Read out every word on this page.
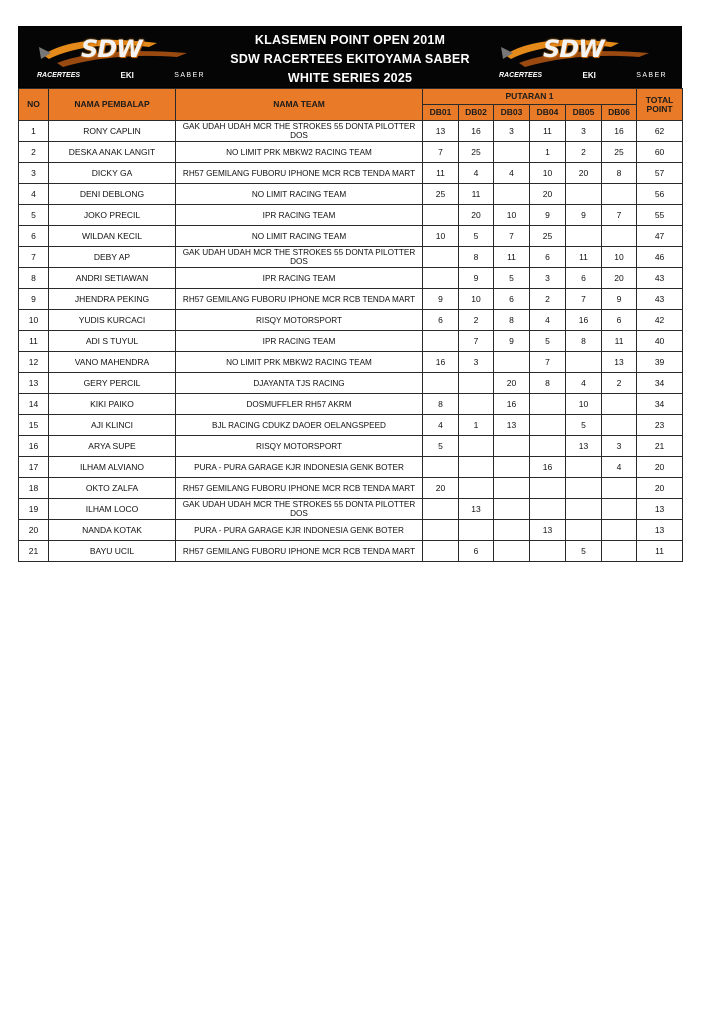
SDW
RACERTEES	EKI	SABER
KLASEMEN POINT OPEN 201M
SDW RACERTEES EKITOYAMA SABER
WHITE SERIES 2025
SDW
RACERTEES	EKI	SABER
NO	NAMA PEMBALAP	NAMA TEAM	PUTARAN 1						TOTAL
POINT

			DB01	DB02	DB03	DB04	DB05	DB06	
1	RONY CAPLIN	GAK UDAH UDAH MCR THE STROKES 55 DONTA PILOTTER DOS	13	16	3	11	3	16	62
2	DESKA ANAK LANGIT	NO LIMIT PRK MBKW2 RACING TEAM	7	25		1	2	25	60
3	DICKY GA	RH57 GEMILANG FUBORU IPHONE MCR RCB TENDA MART	11	4	4	10	20	8	57
4	DENI DEBLONG	NO LIMIT RACING TEAM	25	11		20			56
5	JOKO PRECIL	IPR RACING TEAM		20	10	9	9	7	55
6	WILDAN KECIL	NO LIMIT RACING TEAM	10	5	7	25			47
7	DEBY AP	GAK UDAH UDAH MCR THE STROKES 55 DONTA PILOTTER DOS		8	11	6	11	10	46
8	ANDRI SETIAWAN	IPR RACING TEAM		9	5	3	6	20	43
9	JHENDRA PEKING	RH57 GEMILANG FUBORU IPHONE MCR RCB TENDA MART	9	10	6	2	7	9	43
10	YUDIS KURCACI	RISQY MOTORSPORT	6	2	8	4	16	6	42
11	ADI S TUYUL	IPR RACING TEAM		7	9	5	8	11	40
12	VANO MAHENDRA	NO LIMIT PRK MBKW2 RACING TEAM	16	3		7		13	39
13	GERY PERCIL	DJAYANTA TJS RACING			20	8	4	2	34
14	KIKI PAIKO	DOSMUFFLER RH57 AKRM	8		16		10		34
15	AJI KLINCI	BJL RACING CDUKZ DAOER OELANGSPEED	4	1	13		5		23
16	ARYA SUPE	RISQY MOTORSPORT	5				13	3	21
17	ILHAM ALVIANO	PURA - PURA GARAGE KJR INDONESIA GENK BOTER				16		4	20
18	OKTO ZALFA	RH57 GEMILANG FUBORU IPHONE MCR RCB TENDA MART	20						20
19	ILHAM LOCO	GAK UDAH UDAH MCR THE STROKES 55 DONTA PILOTTER DOS		13					13
20	NANDA KOTAK	PURA - PURA GARAGE KJR INDONESIA GENK BOTER				13			13
21	BAYU UCIL	RH57 GEMILANG FUBORU IPHONE MCR RCB TENDA MART		6			5		11
